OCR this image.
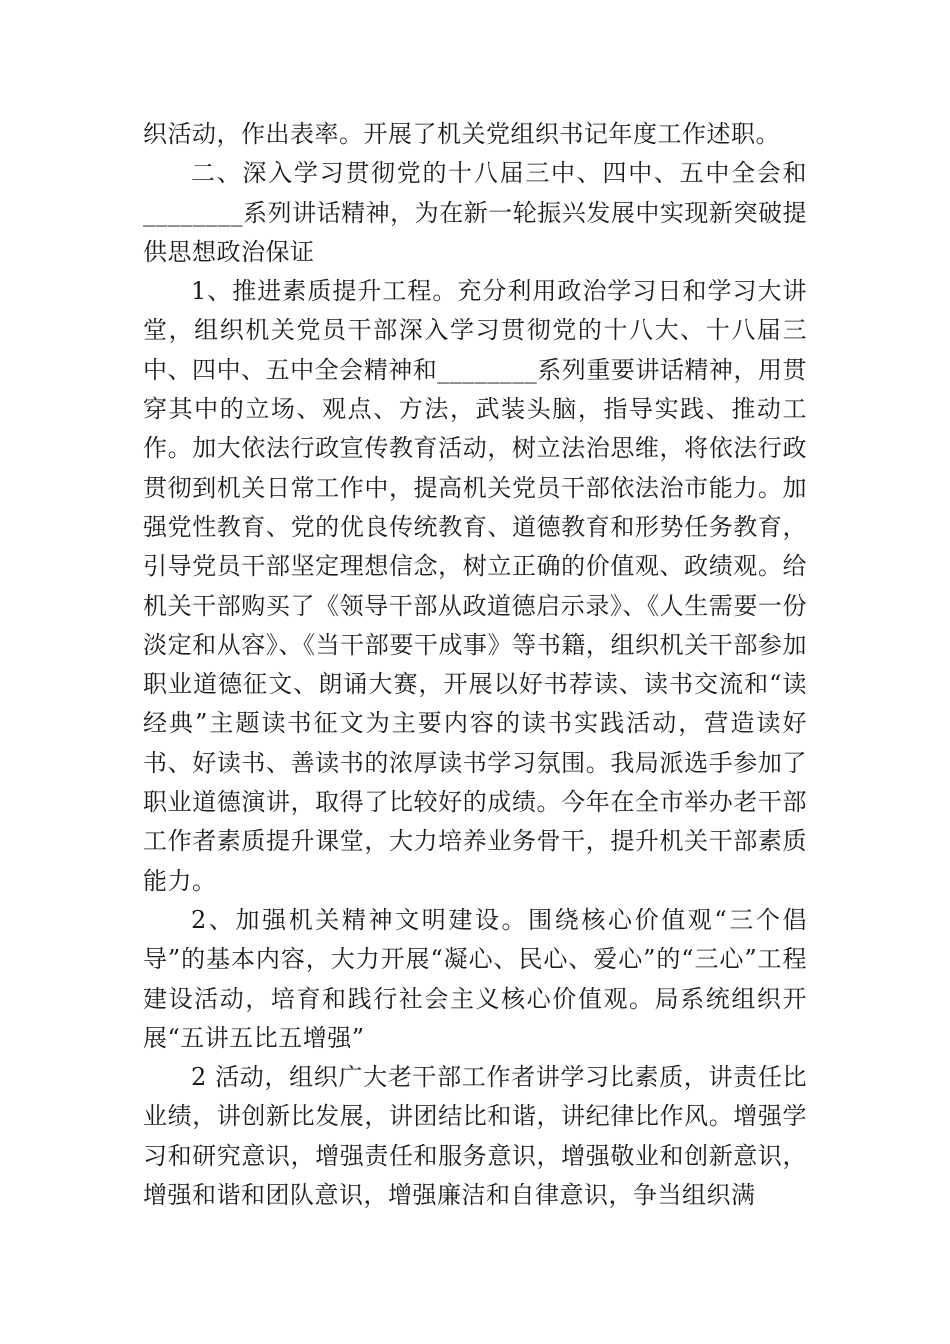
织活动，作出表率。开展了机关党组织书记年度工作述职。

二、深入学习贯彻党的十八届三中、四中、五中全会和________系列讲话精神，为在新一轮振兴发展中实现新突破提供思想政治保证

1、推进素质提升工程。充分利用政治学习日和学习大讲堂，组织机关党员干部深入学习贯彻党的十八大、十八届三中、四中、五中全会精神和________系列重要讲话精神，用贯穿其中的立场、观点、方法，武装头脑，指导实践、推动工作。加大依法行政宣传教育活动，树立法治思维，将依法行政贯彻到机关日常工作中，提高机关党员干部依法治市能力。加强党性教育、党的优良传统教育、道德教育和形势任务教育，引导党员干部坚定理想信念，树立正确的价值观、政绩观。给机关干部购买了《领导干部从政道德启示录》、《人生需要一份淡定和从容》、《当干部要干成事》等书籍，组织机关干部参加职业道德征文、朗诵大赛，开展以好书荐读、读书交流和“读经典”主题读书征文为主要内容的读书实践活动，营造读好书、好读书、善读书的浓厚读书学习氛围。我局派选手参加了职业道德演讲，取得了比较好的成绩。今年在全市举办老干部工作者素质提升课堂，大力培养业务骨干，提升机关干部素质能力。

2、加强机关精神文明建设。围绕核心价值观“三个倡导”的基本内容，大力开展“凝心、民心、爱心”的“三心”工程建设活动，培育和践行社会主义核心价值观。局系统组织开展“五讲五比五增强”

2 活动，组织广大老干部工作者讲学习比素质，讲责任比业绩，讲创新比发展，讲团结比和谐，讲纪律比作风。增强学习和研究意识，增强责任和服务意识，增强敬业和创新意识，增强和谐和团队意识，增强廉洁和自律意识，争当组织满
